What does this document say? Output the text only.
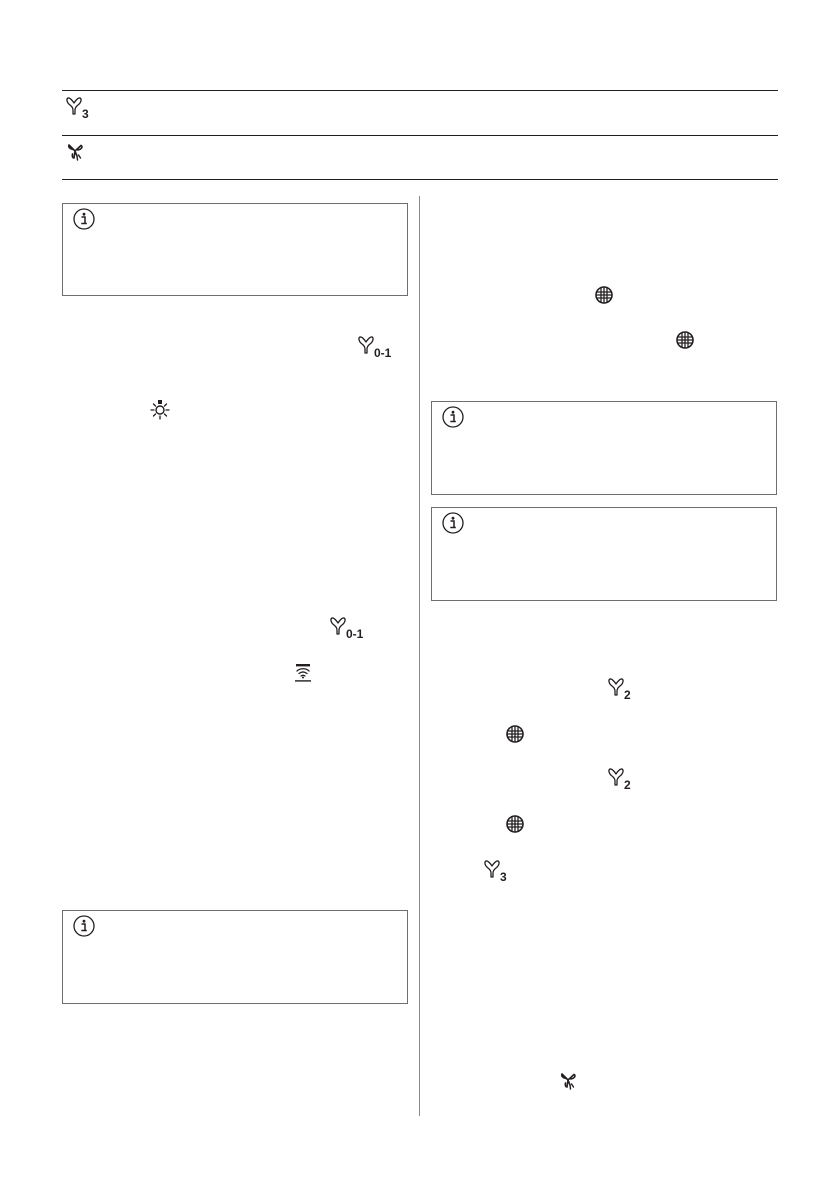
3
0-1
0-1
2
2
3
